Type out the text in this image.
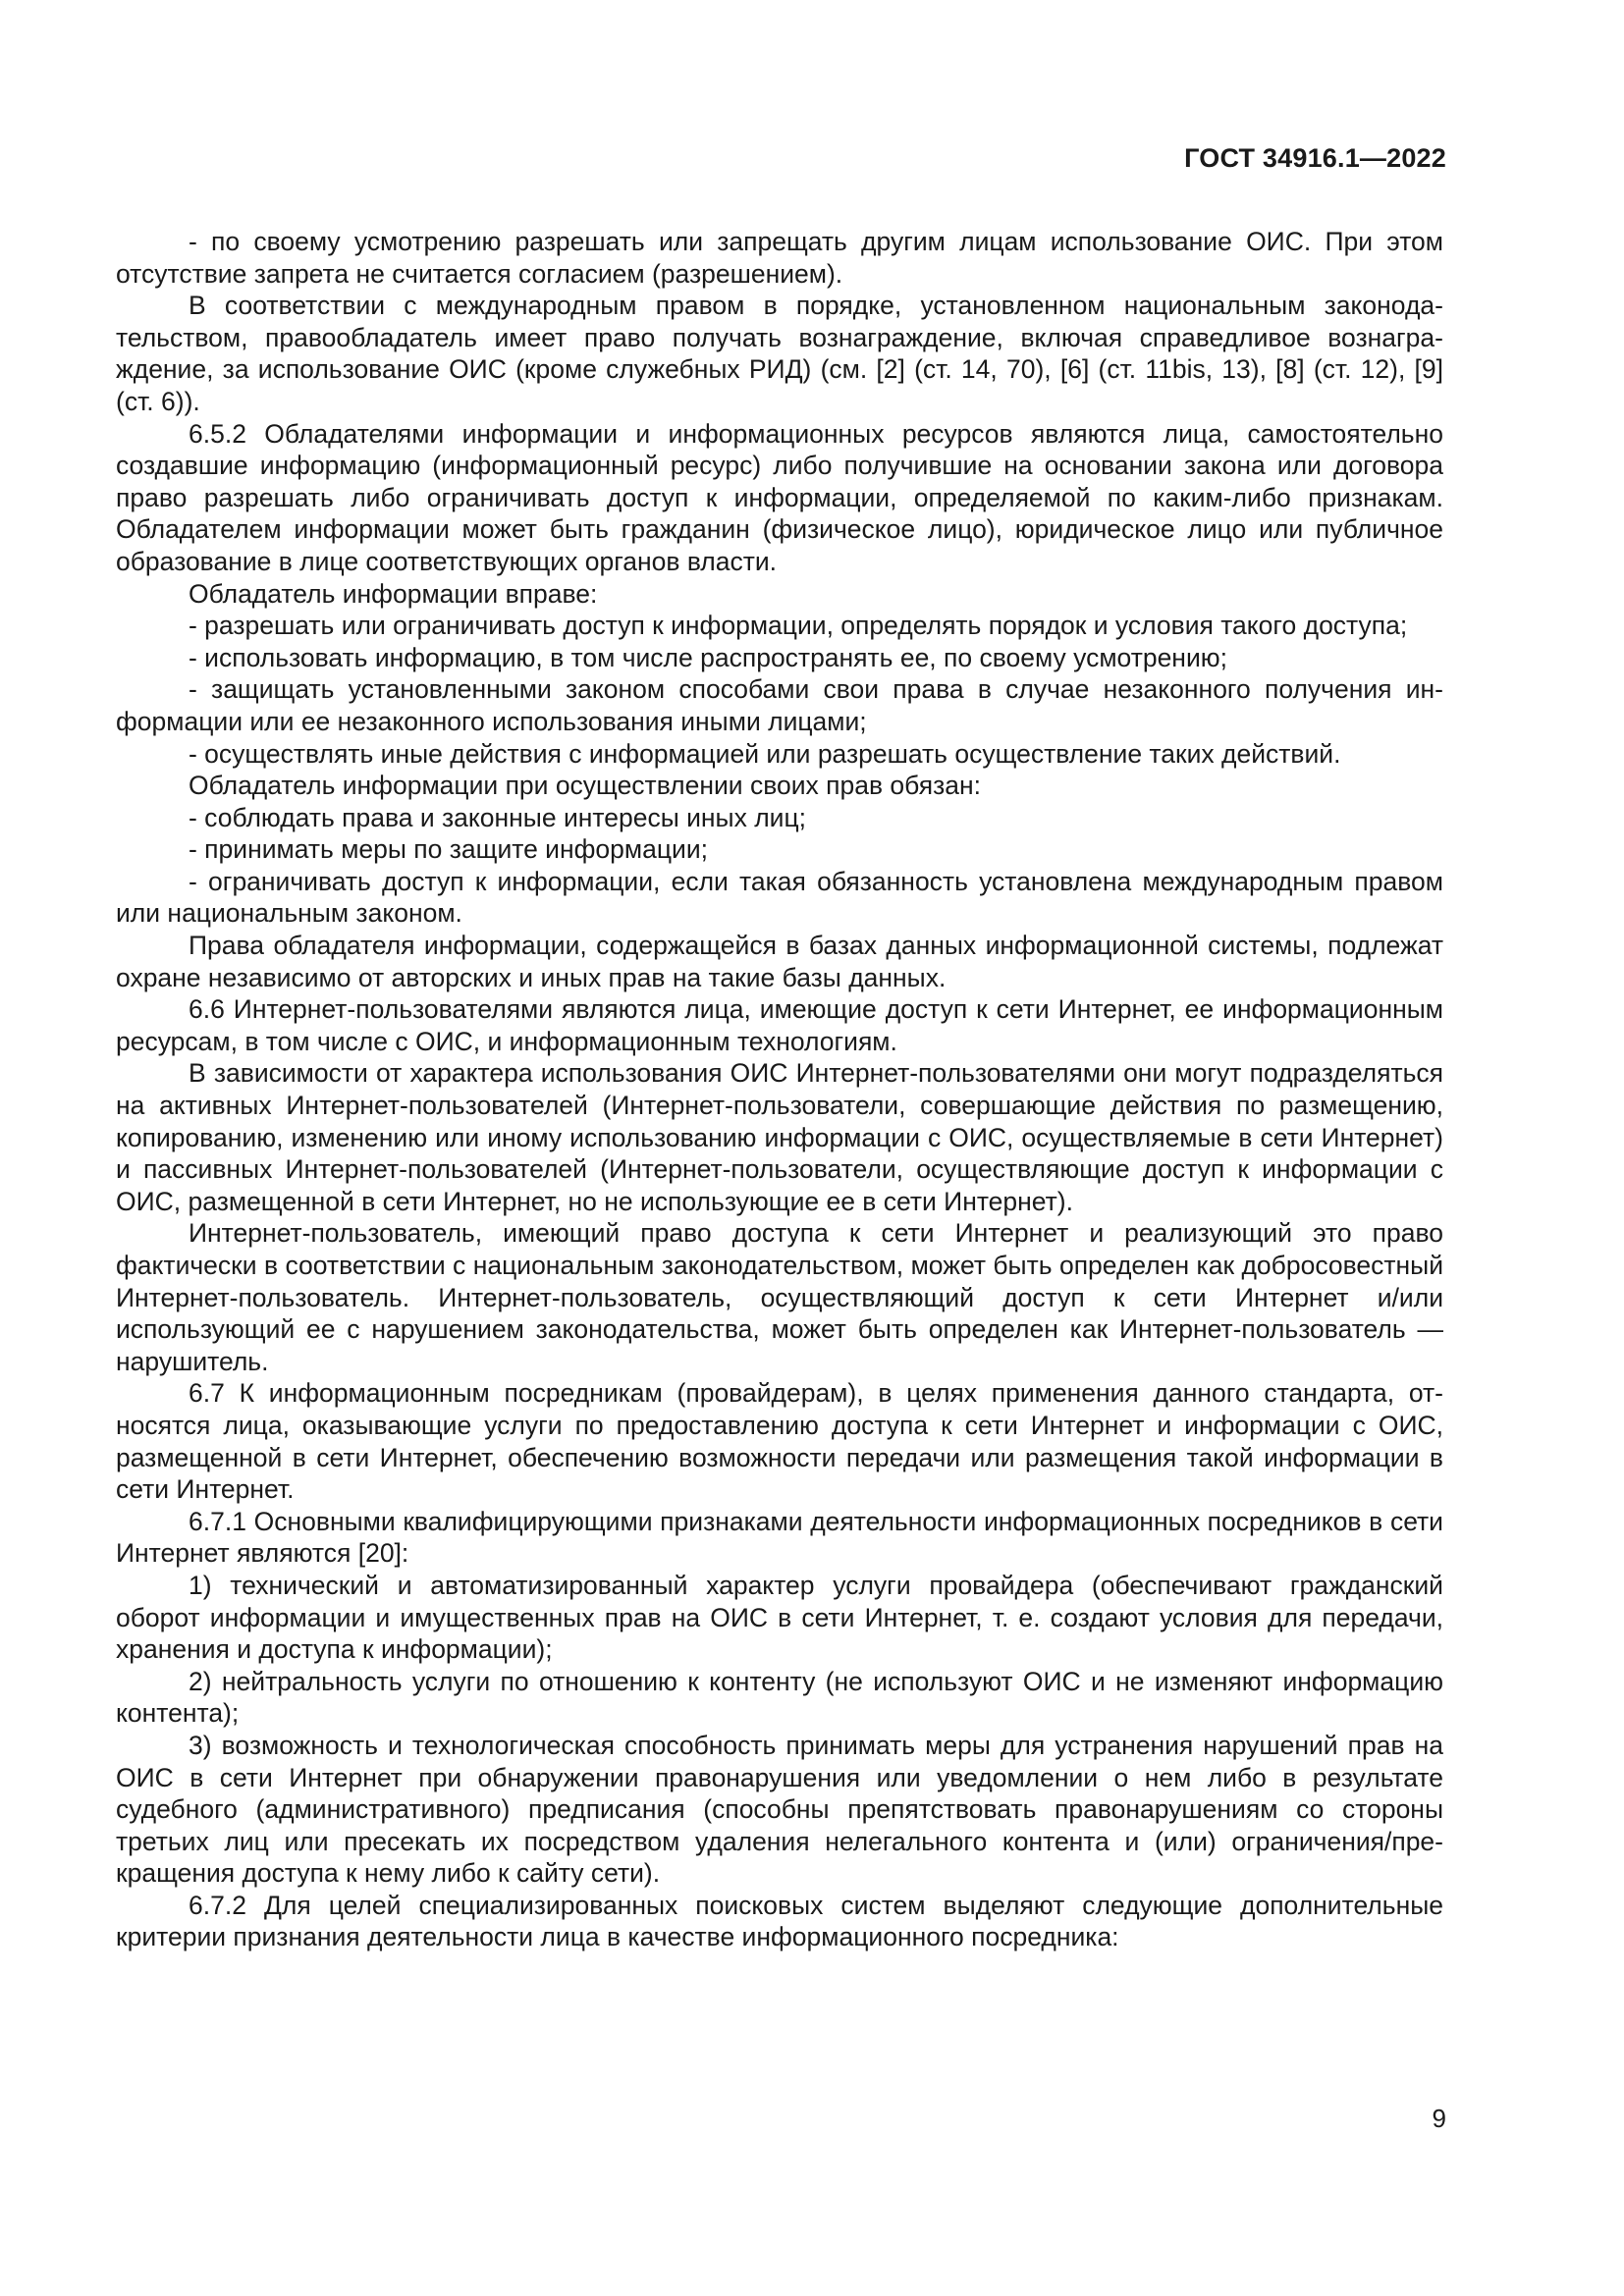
ГОСТ 34916.1—2022

- по своему усмотрению разрешать или запрещать другим лицам использование ОИС. При этом отсутствие запрета не считается согласием (разрешением).

В соответствии с международным правом в порядке, установленном национальным законодательством, правообладатель имеет право получать вознаграждение, включая справедливое вознаграждение, за использование ОИС (кроме служебных РИД) (см. [2] (ст. 14, 70), [6] (ст. 11bis, 13), [8] (ст. 12), [9] (ст. 6)).

6.5.2 Обладателями информации и информационных ресурсов являются лица, самостоятельно создавшие информацию (информационный ресурс) либо получившие на основании закона или договора право разрешать либо ограничивать доступ к информации, определяемой по каким-либо признакам. Обладателем информации может быть гражданин (физическое лицо), юридическое лицо или публичное образование в лице соответствующих органов власти.

Обладатель информации вправе:

- разрешать или ограничивать доступ к информации, определять порядок и условия такого доступа;

- использовать информацию, в том числе распространять ее, по своему усмотрению;

- защищать установленными законом способами свои права в случае незаконного получения информации или ее незаконного использования иными лицами;

- осуществлять иные действия с информацией или разрешать осуществление таких действий.

Обладатель информации при осуществлении своих прав обязан:

- соблюдать права и законные интересы иных лиц;

- принимать меры по защите информации;

- ограничивать доступ к информации, если такая обязанность установлена международным правом или национальным законом.

Права обладателя информации, содержащейся в базах данных информационной системы, подлежат охране независимо от авторских и иных прав на такие базы данных.

6.6 Интернет-пользователями являются лица, имеющие доступ к сети Интернет, ее информационным ресурсам, в том числе с ОИС, и информационным технологиям.

В зависимости от характера использования ОИС Интернет-пользователями они могут подразделяться на активных Интернет-пользователей (Интернет-пользователи, совершающие действия по размещению, копированию, изменению или иному использованию информации с ОИС, осуществляемые в сети Интернет) и пассивных Интернет-пользователей (Интернет-пользователи, осуществляющие доступ к информации с ОИС, размещенной в сети Интернет, но не использующие ее в сети Интернет).

Интернет-пользователь, имеющий право доступа к сети Интернет и реализующий это право фактически в соответствии с национальным законодательством, может быть определен как добросовестный Интернет-пользователь. Интернет-пользователь, осуществляющий доступ к сети Интернет и/или использующий ее с нарушением законодательства, может быть определен как Интернет-пользователь — нарушитель.

6.7 К информационным посредникам (провайдерам), в целях применения данного стандарта, относятся лица, оказывающие услуги по предоставлению доступа к сети Интернет и информации с ОИС, размещенной в сети Интернет, обеспечению возможности передачи или размещения такой информации в сети Интернет.

6.7.1 Основными квалифицирующими признаками деятельности информационных посредников в сети Интернет являются [20]:

1) технический и автоматизированный характер услуги провайдера (обеспечивают гражданский оборот информации и имущественных прав на ОИС в сети Интернет, т. е. создают условия для передачи, хранения и доступа к информации);

2) нейтральность услуги по отношению к контенту (не используют ОИС и не изменяют информацию контента);

3) возможность и технологическая способность принимать меры для устранения нарушений прав на ОИС в сети Интернет при обнаружении правонарушения или уведомлении о нем либо в результате судебного (административного) предписания (способны препятствовать правонарушениям со стороны третьих лиц или пресекать их посредством удаления нелегального контента и (или) ограничения/прекращения доступа к нему либо к сайту сети).

6.7.2 Для целей специализированных поисковых систем выделяют следующие дополнительные критерии признания деятельности лица в качестве информационного посредника:

9
